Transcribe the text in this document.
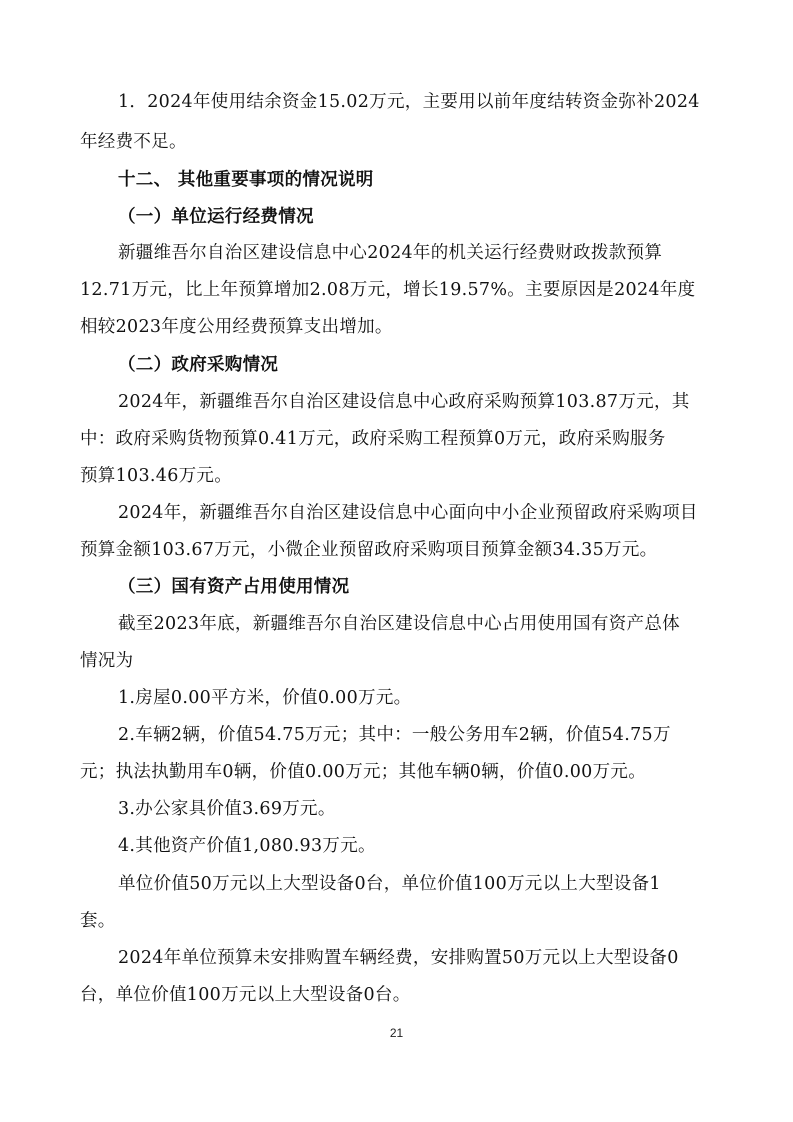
1．2024年使用结余资金15.02万元，主要用以前年度结转资金弥补2024
年经费不足。
十二、 其他重要事项的情况说明
（一）单位运行经费情况
新疆维吾尔自治区建设信息中心2024年的机关运行经费财政拨款预算
12.71万元，比上年预算增加2.08万元，增长19.57%。主要原因是2024年度
相较2023年度公用经费预算支出增加。
（二）政府采购情况
2024年，新疆维吾尔自治区建设信息中心政府采购预算103.87万元，其
中：政府采购货物预算0.41万元，政府采购工程预算0万元，政府采购服务
预算103.46万元。
2024年，新疆维吾尔自治区建设信息中心面向中小企业预留政府采购项目
预算金额103.67万元，小微企业预留政府采购项目预算金额34.35万元。
（三）国有资产占用使用情况
截至2023年底，新疆维吾尔自治区建设信息中心占用使用国有资产总体
情况为
1.房屋0.00平方米，价值0.00万元。
2.车辆2辆，价值54.75万元；其中：一般公务用车2辆，价值54.75万
元；执法执勤用车0辆，价值0.00万元；其他车辆0辆，价值0.00万元。
3.办公家具价值3.69万元。
4.其他资产价值1,080.93万元。
单位价值50万元以上大型设备0台，单位价值100万元以上大型设备1
套。
2024年单位预算未安排购置车辆经费，安排购置50万元以上大型设备0
台，单位价值100万元以上大型设备0台。
21
